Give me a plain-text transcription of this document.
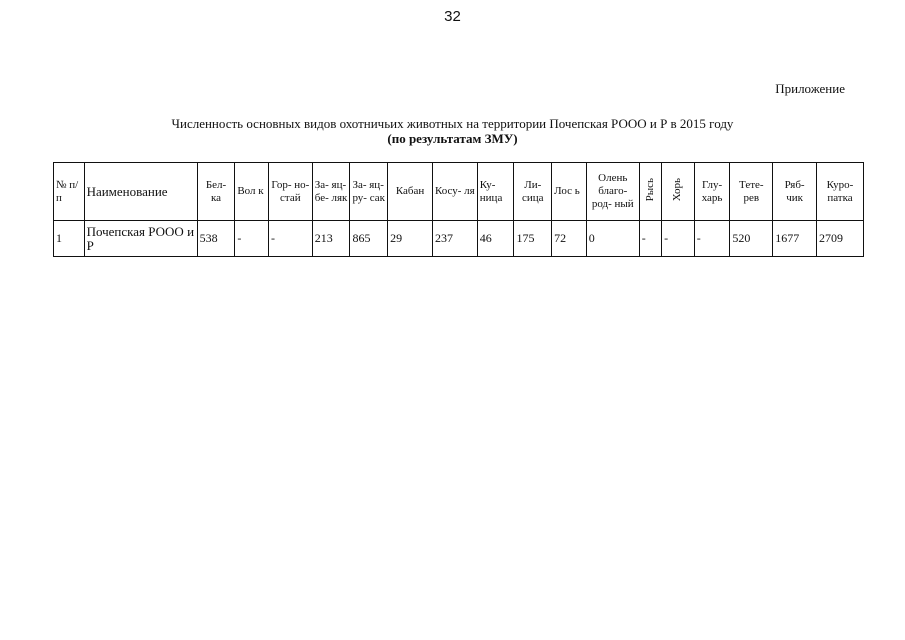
32
Приложение
Численность основных видов охотничьих животных на территории Почепская РООО и Р в 2015 году
(по результатам ЗМУ)
№ п/ п	Наименование	Бел- ка	Вол к	Гор- но- стай	За- яц- бе- ляк	За- яц- ру- сак	Кабан	Косу- ля	Ку- ница	Ли- сица	Лос ь	Олень благо- род- ный	Рысь	Хорь	Глу- харь	Тете- рев	Ряб- чик	Куро- патка
1	Почепская РООО и Р	538	-	-	213	865	29	237	46	175	72	0	-	-	-	520	1677	2709
